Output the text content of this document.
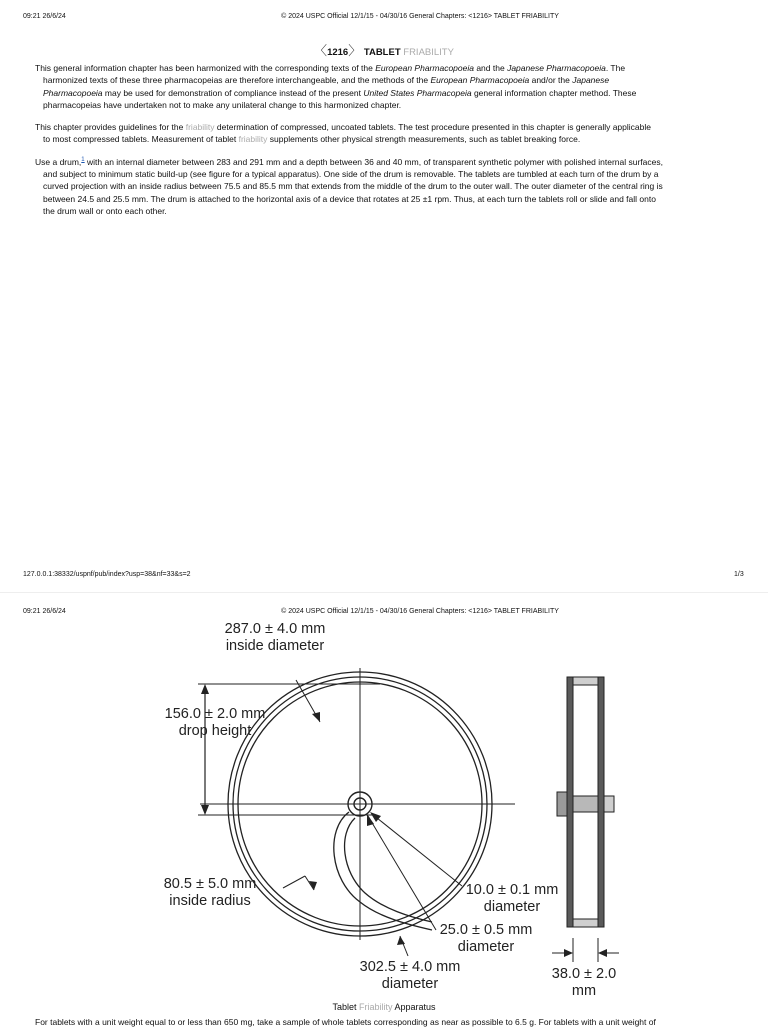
09:21 26/6/24	© 2024 USPC Official 12/1/15 - 04/30/16 General Chapters: <1216> TABLET FRIABILITY
〈1216〉 TABLET FRIABILITY
This general information chapter has been harmonized with the corresponding texts of the European Pharmacopoeia and the Japanese Pharmacopoeia. The
harmonized texts of these three pharmacopeias are therefore interchangeable, and the methods of the European Pharmacopoeia and/or the Japanese
Pharmacopoeia may be used for demonstration of compliance instead of the present United States Pharmacopeia general information chapter method. These
pharmacopeias have undertaken not to make any unilateral change to this harmonized chapter.
This chapter provides guidelines for the friability determination of compressed, uncoated tablets. The test procedure presented in this chapter is generally applicable
to most compressed tablets. Measurement of tablet friability supplements other physical strength measurements, such as tablet breaking force.
Use a drum,$^1$ with an internal diameter between 283 and 291 mm and a depth between 36 and 40 mm, of transparent synthetic polymer with polished internal surfaces,
and subject to minimum static build-up (see figure for a typical apparatus). One side of the drum is removable. The tablets are tumbled at each turn of the drum by a
curved projection with an inside radius between 75.5 and 85.5 mm that extends from the middle of the drum to the outer wall. The outer diameter of the central ring is
between 24.5 and 25.5 mm. The drum is attached to the horizontal axis of a device that rotates at 25 ±1 rpm. Thus, at each turn the tablets roll or slide and fall onto
the drum wall or onto each other.
127.0.0.1:38332/uspnf/pub/index?usp=38&nf=33&s=2	1/3
09:21 26/6/24	© 2024 USPC Official 12/1/15 - 04/30/16 General Chapters: <1216> TABLET FRIABILITY
287.0 ± 4.0 mm
inside diameter
156.0 ± 2.0 mm
drop height
80.5 ± 5.0 mm
inside radius
10.0 ± 0.1 mm
diameter
25.0 ± 0.5 mm
diameter
302.5 ± 4.0 mm
diameter
38.0 ± 2.0
mm
Tablet Friability Apparatus
For tablets with a unit weight equal to or less than 650 mg, take a sample of whole tablets corresponding as near as possible to 6.5 g. For tablets with a unit weight of
